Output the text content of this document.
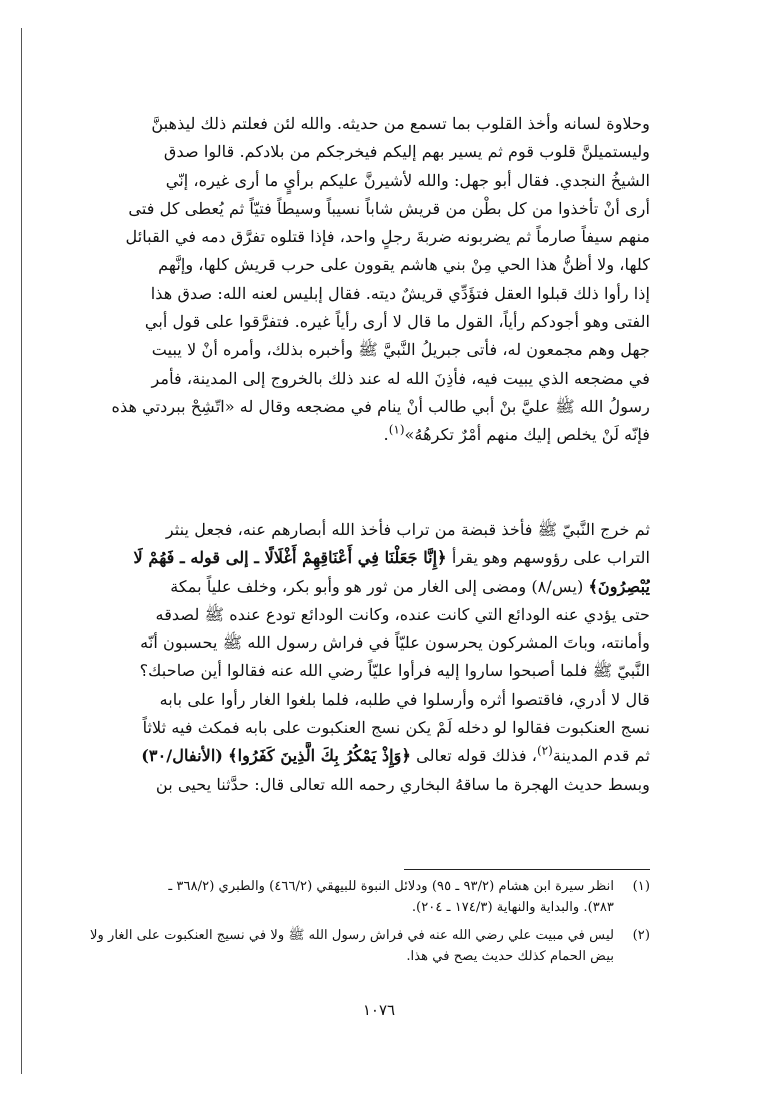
وحلاوة لسانه وأخذ القلوب بما تسمع من حديثه. والله لئن فعلتم ذلك ليذهبنَّ
وليستميلنَّ قلوب قوم ثم يسير بهم إليكم فيخرجكم من بلادكم. قالوا صدق
الشيخُ النجدي. فقال أبو جهل: والله لأشيرنَّ عليكم برأيٍ ما أرى غيره، إنّي
أرى أنْ تأخذوا من كل بطْن من قريش شاباً نسيباً وسيطاً فتيّاً ثم يُعطى كل فتى
منهم سيفاً صارماً ثم يضربونه ضربةَ رجلٍ واحد، فإذا قتلوه تفرَّق دمه في القبائل
كلها، ولا أظنُّ هذا الحي مِنْ بني هاشم يقوون على حرب قريش كلها، وإنَّهم
إذا رأوا ذلك قبلوا العقل فتؤَدِّي قريشٌ ديته. فقال إبليس لعنه الله: صدق هذا
الفتى وهو أجودكم رأياً، القول ما قال لا أرى رأياً غيره. فتفرَّقوا على قول أبي
جهل وهم مجمعون له، فأتى جبريلُ النَّبيَّ ﷺ وأخبره بذلك، وأمره أنْ لا يبيت
في مضجعه الذي يبيت فيه، فأذِنَ الله له عند ذلك بالخروج إلى المدينة، فأمر
رسولُ الله ﷺ عليَّ بنْ أبي طالب أنْ ينام في مضجعه وقال له «اتّشِحْ ببردتي هذه
فإنّه لَنْ يخلص إليك منهم أمْرٌ تكرهُهُ»$^{(١)}$.
ثم خرج النَّبيّ ﷺ فأخذ قبضة من تراب فأخذ الله أبصارهم عنه، فجعل ينثر
التراب على رؤوسهم وهو يقرأ ﴿إِنَّا جَعَلْنَا فِي أَعْنَاقِهِمْ أَغْلَالًا ـ إلى قوله ـ فَهُمْ لَا
يُبْصِرُونَ﴾ (يس/٨) ومضى إلى الغار من ثور هو وأبو بكر، وخلف علياً بمكة
حتى يؤدي عنه الودائع التي كانت عنده، وكانت الودائع تودع عنده ﷺ لصدقه
وأمانته، وباتَ المشركون يحرسون عليّاً في فراش رسول الله ﷺ يحسبون أنّه
النَّبيّ ﷺ فلما أصبحوا ساروا إليه فرأوا عليّاً رضي الله عنه فقالوا أين صاحبك؟
قال لا أدري، فاقتصوا أثره وأرسلوا في طلبه، فلما بلغوا الغار رأوا على بابه
نسج العنكبوت فقالوا لو دخله لَمْ يكن نسج العنكبوت على بابه فمكث فيه ثلاثاً
ثم قدم المدينة$^{(٢)}$، فذلك قوله تعالى ﴿وَإِذْ يَمْكُرُ بِكَ الَّذِينَ كَفَرُوا﴾ (الأنفال/٣٠)
وبسط حديث الهجرة ما ساقهُ البخاري رحمه الله تعالى قال: حدَّثنا يحيى بن
(١)
انظر سيرة ابن هشام (٩٣/٢ ـ ٩٥) ودلائل النبوة للبيهقي (٤٦٦/٢) والطبري (٣٦٨/٢ ـ
٣٨٣). والبداية والنهاية (١٧٤/٣ ـ ٢٠٤).
(٢)
ليس في مبيت علي رضي الله عنه في فراش رسول الله ﷺ ولا في نسيج العنكبوت على الغار ولا
بيض الحمام كذلك حديث يصح في هذا.
١٠٧٦
